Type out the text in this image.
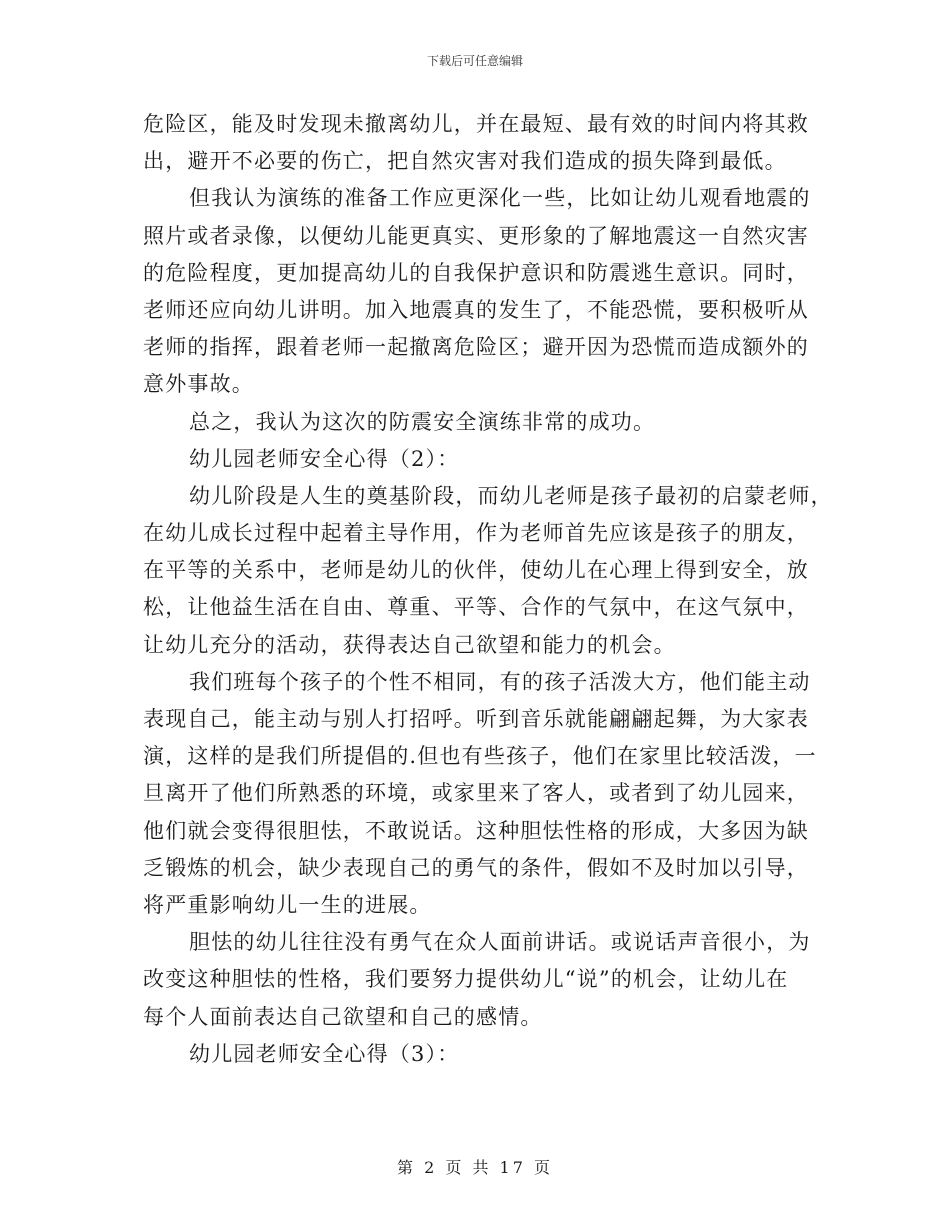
下载后可任意编辑
危险区，能及时发现未撤离幼儿，并在最短、最有效的时间内将其救
出，避开不必要的伤亡，把自然灾害对我们造成的损失降到最低。
但我认为演练的准备工作应更深化一些，比如让幼儿观看地震的
照片或者录像，以便幼儿能更真实、更形象的了解地震这一自然灾害
的危险程度，更加提高幼儿的自我保护意识和防震逃生意识。同时，
老师还应向幼儿讲明。加入地震真的发生了，不能恐慌，要积极听从
老师的指挥，跟着老师一起撤离危险区；避开因为恐慌而造成额外的
意外事故。
总之，我认为这次的防震安全演练非常的成功。
幼儿园老师安全心得（2）：
幼儿阶段是人生的奠基阶段，而幼儿老师是孩子最初的启蒙老师，
在幼儿成长过程中起着主导作用，作为老师首先应该是孩子的朋友，
在平等的关系中，老师是幼儿的伙伴，使幼儿在心理上得到安全，放
松，让他益生活在自由、尊重、平等、合作的气氛中，在这气氛中，
让幼儿充分的活动，获得表达自己欲望和能力的机会。
我们班每个孩子的个性不相同，有的孩子活泼大方，他们能主动
表现自己，能主动与别人打招呼。听到音乐就能翩翩起舞，为大家表
演，这样的是我们所提倡的.但也有些孩子，他们在家里比较活泼，一
旦离开了他们所熟悉的环境，或家里来了客人，或者到了幼儿园来，
他们就会变得很胆怯，不敢说话。这种胆怯性格的形成，大多因为缺
乏锻炼的机会，缺少表现自己的勇气的条件，假如不及时加以引导，
将严重影响幼儿一生的进展。
胆怯的幼儿往往没有勇气在众人面前讲话。或说话声音很小，为
改变这种胆怯的性格，我们要努力提供幼儿“说”的机会，让幼儿在
每个人面前表达自己欲望和自己的感情。
幼儿园老师安全心得（3）：
第 2 页 共 17 页
